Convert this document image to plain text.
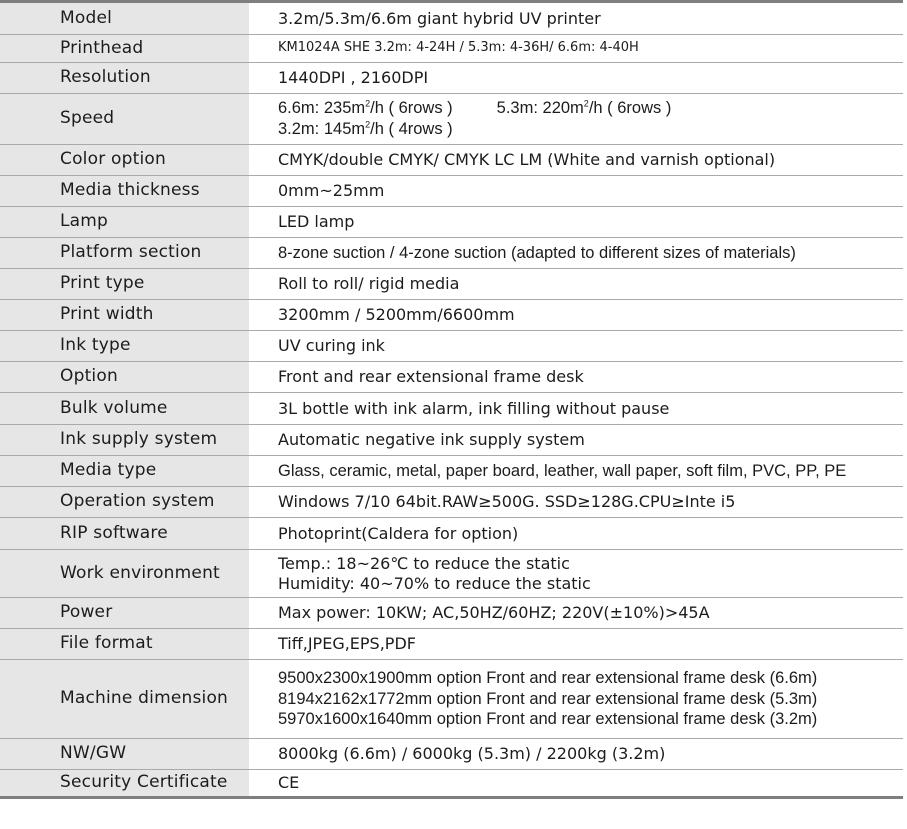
Model	3.2m/5.3m/6.6m giant hybrid UV printer

Printhead	KM1024A SHE 3.2m: 4-24H / 5.3m: 4-36H/ 6.6m: 4-40H

Resolution	1440DPI , 2160DPI

Speed	6.6m: $235m^2/h$ ( 6rows ) 5.3m: $220m^2/h$ ( 6rows )
3.2m: $145m^2/h$ ( 4rows )

Color option	CMYK/double CMYK/ CMYK LC LM (White and varnish optional)

Media thickness	0mm~25mm

Lamp	LED lamp

Platform section	8-zone suction / 4-zone suction (adapted to different sizes of materials)

Print type	Roll to roll/ rigid media

Print width	3200mm / 5200mm/6600mm

Ink type	UV curing ink

Option	Front and rear extensional frame desk

Bulk volume	3L bottle with ink alarm, ink filling without pause

Ink supply system	Automatic negative ink supply system

Media type	Glass, ceramic, metal, paper board, leather, wall paper, soft film, PVC, PP, PE

Operation system	Windows 7/10 64bit.RAW≥500G. SSD≥128G.CPU≥Inte i5

RIP software	Photoprint(Caldera for option)

Work environment	Temp.: 18~26℃ to reduce the static
Humidity: 40~70% to reduce the static

Power	Max power: 10KW; AC,50HZ/60HZ; 220V(±10%)>45A

File format	Tiff,JPEG,EPS,PDF

Machine dimension	9500x2300x1900mm option Front and rear extensional frame desk (6.6m)
8194x2162x1772mm option Front and rear extensional frame desk (5.3m)
5970x1600x1640mm option Front and rear extensional frame desk (3.2m)

NW/GW	8000kg (6.6m) / 6000kg (5.3m) / 2200kg (3.2m)

Security Certificate	CE
